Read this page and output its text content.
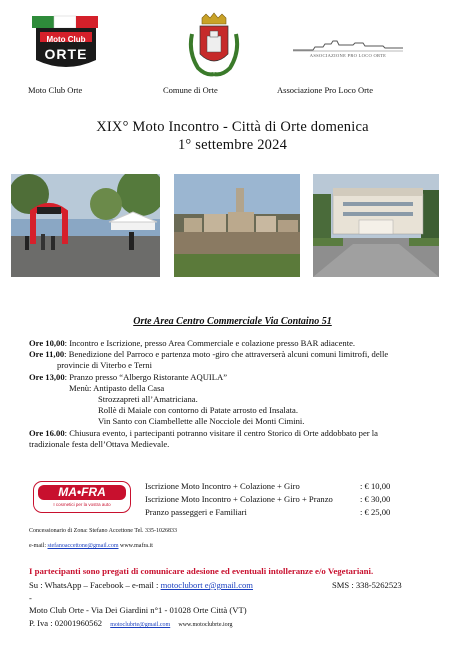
Moto Club
ORTE
Moto Club Orte	Comune di Orte
ASSOCIAZIONE PRO LOCO ORTE
Associazione Pro Loco Orte
XIX° Moto Incontro - Città di Orte domenica
1° settembre 2024
Orte Area Centro Commerciale Via Containo 51
Ore 10,00: Incontro e Iscrizione, presso Area Commerciale e colazione presso BAR adiacente.
Ore 11,00: Benedizione del Parroco e partenza moto -giro che attraverserà alcuni comuni limitrofi, delle
provincie di Viterbo e Terni
Ore 13,00: Pranzo presso “Albergo Ristorante AQUILA”
Menù: Antipasto della Casa
Strozzapreti all’Amatriciana.
Rollè di Maiale con contorno di Patate arrosto ed Insalata.
Vin Santo con Ciambellette alle Nocciole dei Monti Cimini.
Ore 16.00: Chiusura evento, i partecipanti potranno visitare il centro Storico di Orte addobbato per la
tradizionale festa dell’Ottava Medievale.
MA•FRA
I cosmetici per la vostra auto
Iscrizione Moto Incontro + Colazione + Giro	: € 10,00
Iscrizione Moto Incontro + Colazione + Giro + Pranzo	: € 30,00
Pranzo passeggeri e Familiari	: € 25,00
Concessionario di Zona: Stefano Accettone Tel. 335-1026833
e-mail: stefanoaccettone@gmail.com www.mafra.it
I partecipanti sono pregati di comunicare adesione ed eventuali intolleranze e/o Vegetariani.
Su : WhatsApp – Facebook – e-mail : motoclubort e@gmail.com	SMS : 338-5262523
-
Moto Club Orte - Via Dei Giardini n°1 - 01028 Orte Città (VT)
P. Iva : 02001960562 motoclubrte@gmail.com www.motoclubrte.iorg
